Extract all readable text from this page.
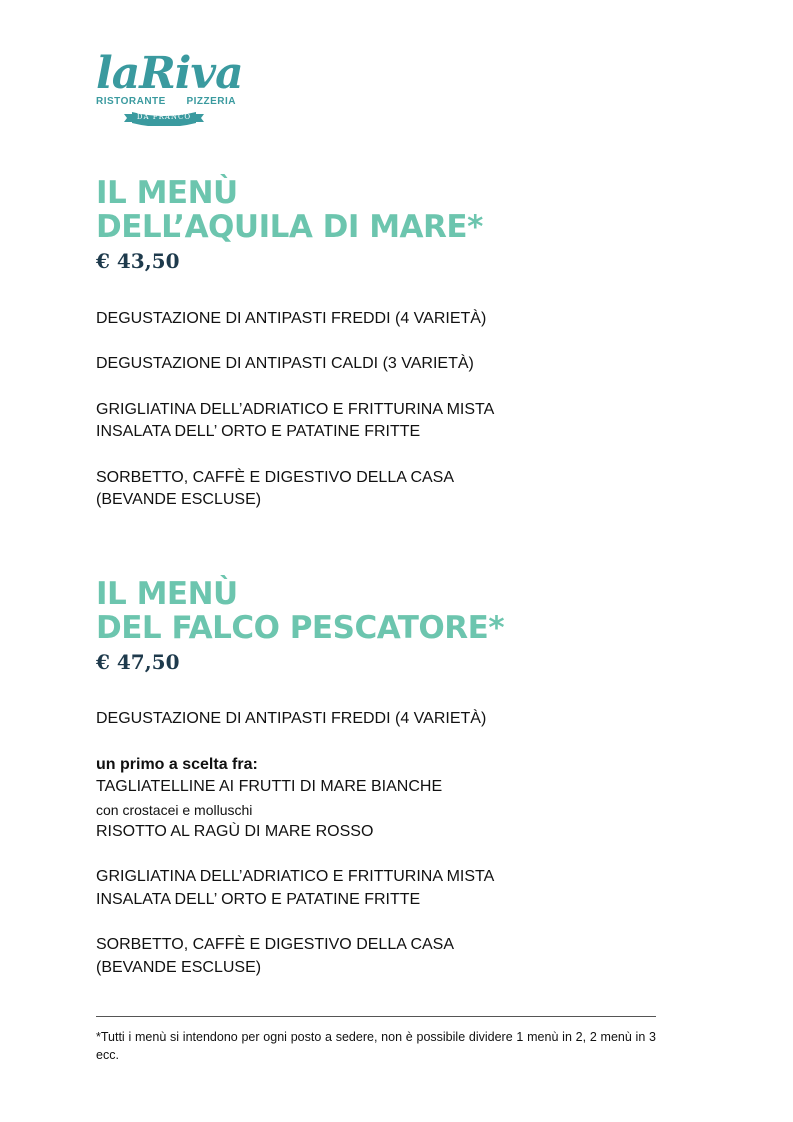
laRiva
RISTORANTE PIZZERIA
DA FRANCO
IL MENÙ
DELL’AQUILA DI MARE*
€ 43,50
DEGUSTAZIONE DI ANTIPASTI FREDDI (4 VARIETÀ)
DEGUSTAZIONE DI ANTIPASTI CALDI (3 VARIETÀ)
GRIGLIATINA DELL’ADRIATICO E FRITTURINA MISTA
INSALATA DELL’ ORTO E PATATINE FRITTE
SORBETTO, CAFFÈ E DIGESTIVO DELLA CASA
(BEVANDE ESCLUSE)
IL MENÙ
DEL FALCO PESCATORE*
€ 47,50
DEGUSTAZIONE DI ANTIPASTI FREDDI (4 VARIETÀ)
un primo a scelta fra:
TAGLIATELLINE AI FRUTTI DI MARE BIANCHE
con crostacei e molluschi
RISOTTO AL RAGÙ DI MARE ROSSO
GRIGLIATINA DELL’ADRIATICO E FRITTURINA MISTA
INSALATA DELL’ ORTO E PATATINE FRITTE
SORBETTO, CAFFÈ E DIGESTIVO DELLA CASA
(BEVANDE ESCLUSE)
*Tutti i menù si intendono per ogni posto a sedere, non è possibile dividere 1 menù in 2, 2 menù in 3 ecc.
